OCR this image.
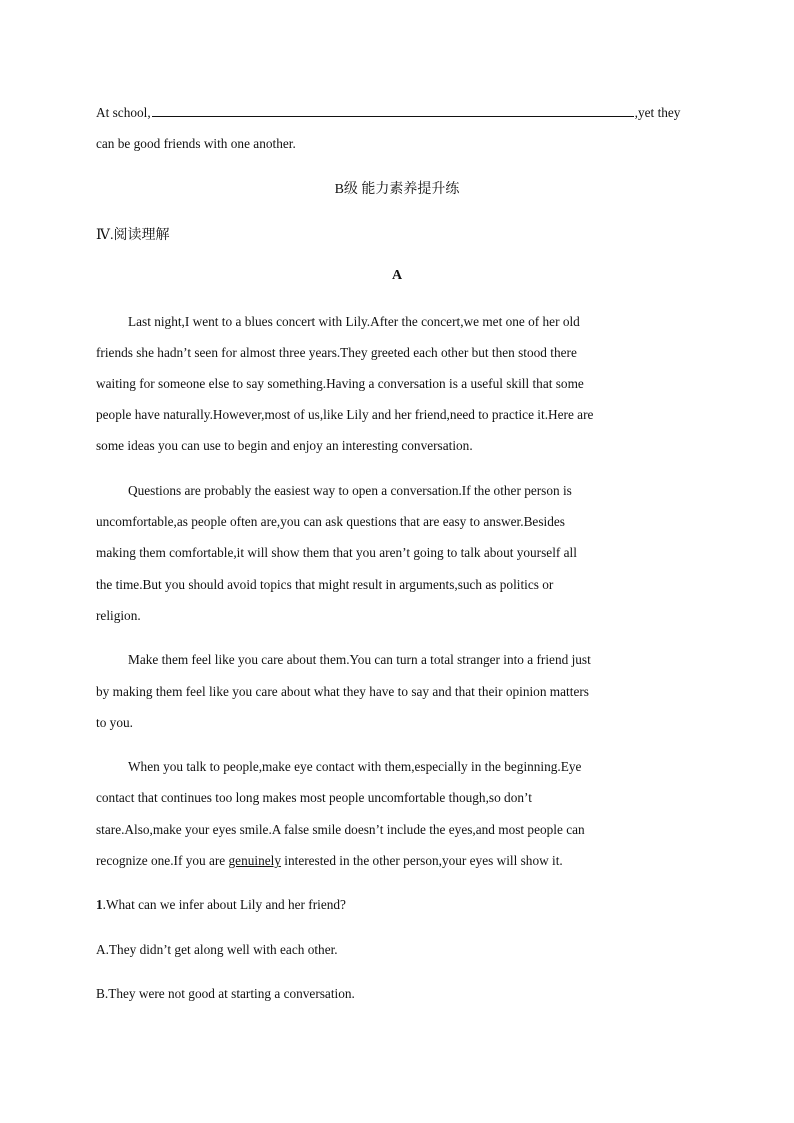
At school,	,yet they
can be good friends with one another.
B级 能力素养提升练
Ⅳ.阅读理解
A
Last night,I went to a blues concert with Lily.After the concert,we met one of her old
friends she hadn’t seen for almost three years.They greeted each other but then stood there
waiting for someone else to say something.Having a conversation is a useful skill that some
people have naturally.However,most of us,like Lily and her friend,need to practice it.Here are
some ideas you can use to begin and enjoy an interesting conversation.
Questions are probably the easiest way to open a conversation.If the other person is
uncomfortable,as people often are,you can ask questions that are easy to answer.Besides
making them comfortable,it will show them that you aren’t going to talk about yourself all
the time.But you should avoid topics that might result in arguments,such as politics or
religion.
Make them feel like you care about them.You can turn a total stranger into a friend just
by making them feel like you care about what they have to say and that their opinion matters
to you.
When you talk to people,make eye contact with them,especially in the beginning.Eye
contact that continues too long makes most people uncomfortable though,so don’t
stare.Also,make your eyes smile.A false smile doesn’t include the eyes,and most people can
recognize one.If you are genuinely interested in the other person,your eyes will show it.
1.What can we infer about Lily and her friend?
A.They didn’t get along well with each other.
B.They were not good at starting a conversation.
